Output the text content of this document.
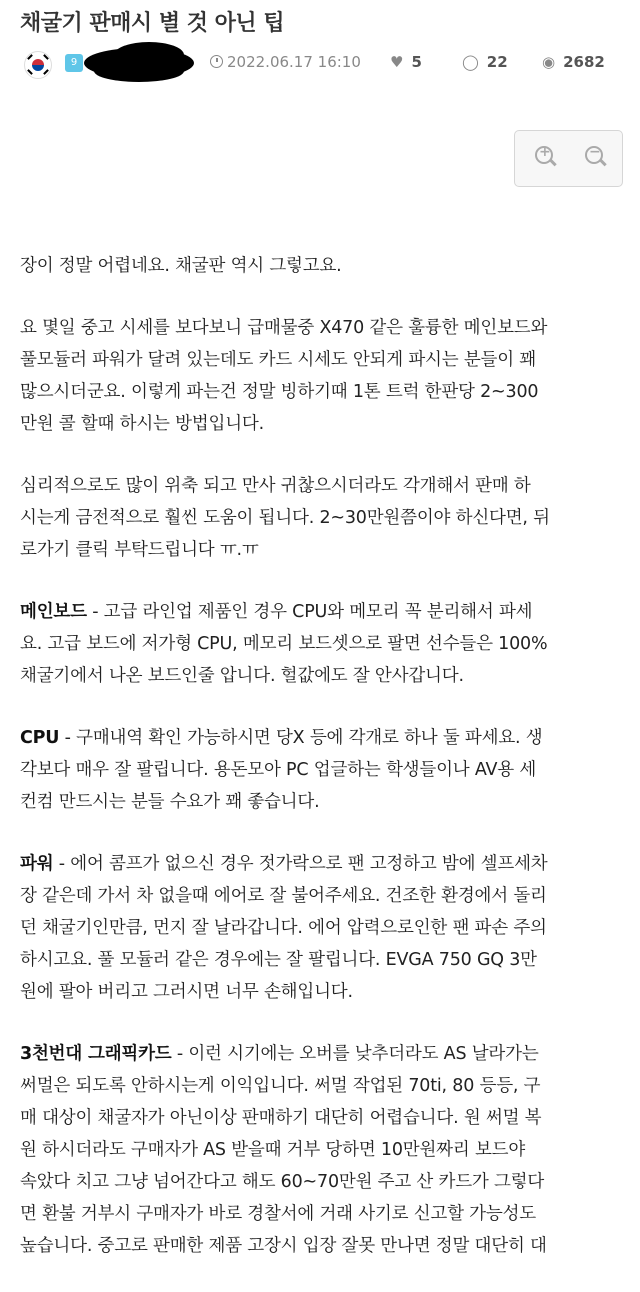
채굴기 판매시 별 것 아닌 팁
9	2022.06.17 16:10 ♥ 5	◯ 22 ◉ 2682
+	−

장이 정말 어렵네요. 채굴판 역시 그렇고요.

요 몇일 중고 시세를 보다보니 급매물중 X470 같은 훌륭한 메인보드와
풀모듈러 파워가 달려 있는데도 카드 시세도 안되게 파시는 분들이 꽤
많으시더군요. 이렇게 파는건 정말 빙하기때 1톤 트럭 한판당 2~300
만원 콜 할때 하시는 방법입니다.

심리적으로도 많이 위축 되고 만사 귀찮으시더라도 각개해서 판매 하
시는게 금전적으로 훨씬 도움이 됩니다. 2~30만원쯤이야 하신다면, 뒤
로가기 클릭 부탁드립니다 ㅠ.ㅠ

메인보드 - 고급 라인업 제품인 경우 CPU와 메모리 꼭 분리해서 파세
요. 고급 보드에 저가형 CPU, 메모리 보드셋으로 팔면 선수들은 100%
채굴기에서 나온 보드인줄 압니다. 헐값에도 잘 안사갑니다.

CPU - 구매내역 확인 가능하시면 당X 등에 각개로 하나 둘 파세요. 생
각보다 매우 잘 팔립니다. 용돈모아 PC 업글하는 학생들이나 AV용 세
컨컴 만드시는 분들 수요가 꽤 좋습니다.

파워 - 에어 콤프가 없으신 경우 젓가락으로 팬 고정하고 밤에 셀프세차
장 같은데 가서 차 없을때 에어로 잘 불어주세요. 건조한 환경에서 돌리
던 채굴기인만큼, 먼지 잘 날라갑니다. 에어 압력으로인한 팬 파손 주의
하시고요. 풀 모듈러 같은 경우에는 잘 팔립니다. EVGA 750 GQ 3만
원에 팔아 버리고 그러시면 너무 손해입니다.

3천번대 그래픽카드 - 이런 시기에는 오버를 낮추더라도 AS 날라가는
써멀은 되도록 안하시는게 이익입니다. 써멀 작업된 70ti, 80 등등, 구
매 대상이 채굴자가 아닌이상 판매하기 대단히 어렵습니다. 원 써멀 복
원 하시더라도 구매자가 AS 받을때 거부 당하면 10만원짜리 보드야
속았다 치고 그냥 넘어간다고 해도 60~70만원 주고 산 카드가 그렇다
면 환불 거부시 구매자가 바로 경찰서에 거래 사기로 신고할 가능성도
높습니다. 중고로 판매한 제품 고장시 입장 잘못 만나면 정말 대단히 대
